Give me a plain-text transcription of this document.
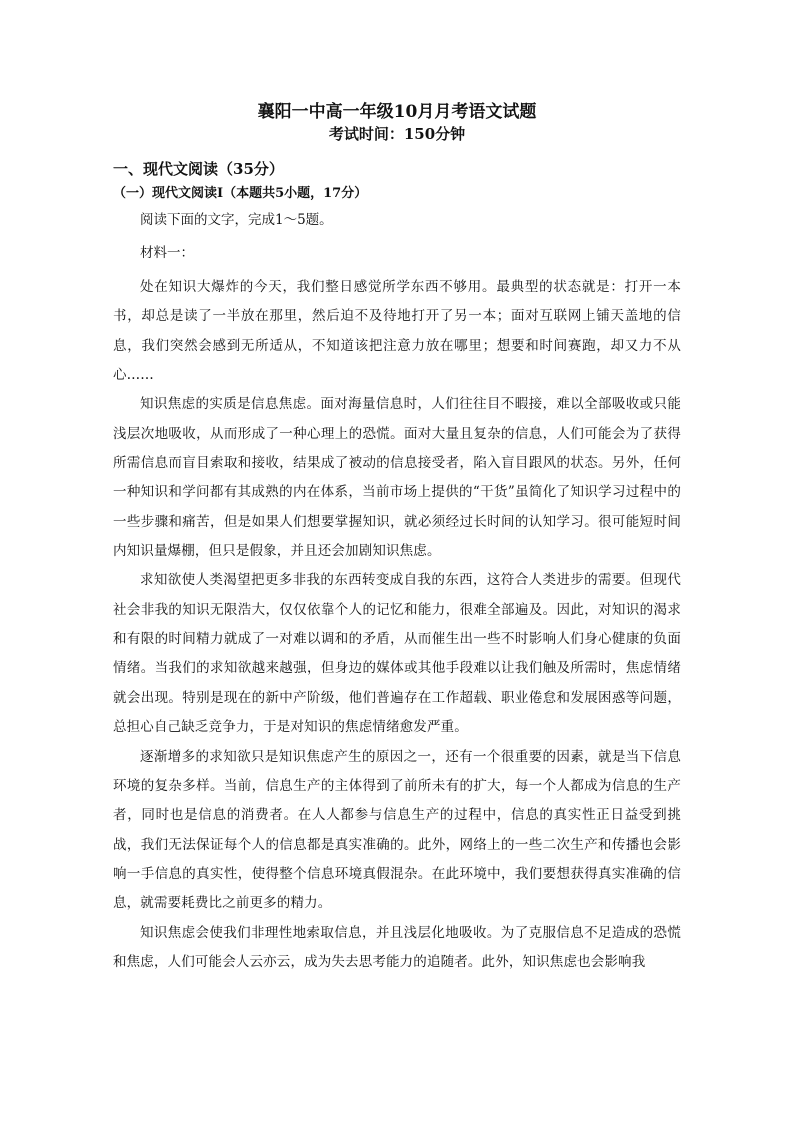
襄阳一中高一年级10月月考语文试题
考试时间：150分钟
一、现代文阅读（35分）
（一）现代文阅读Ⅰ（本题共5小题，17分）

阅读下面的文字，完成1～5题。

材料一：

处在知识大爆炸的今天，我们整日感觉所学东西不够用。最典型的状态就是：打开一本书，却总是读了一半放在那里，然后迫不及待地打开了另一本；面对互联网上铺天盖地的信息，我们突然会感到无所适从，不知道该把注意力放在哪里；想要和时间赛跑，却又力不从心……

知识焦虑的实质是信息焦虑。面对海量信息时，人们往往目不暇接，难以全部吸收或只能浅层次地吸收，从而形成了一种心理上的恐慌。面对大量且复杂的信息，人们可能会为了获得所需信息而盲目索取和接收，结果成了被动的信息接受者，陷入盲目跟风的状态。另外，任何一种知识和学问都有其成熟的内在体系，当前市场上提供的“干货”虽简化了知识学习过程中的一些步骤和痛苦，但是如果人们想要掌握知识，就必须经过长时间的认知学习。很可能短时间内知识量爆棚，但只是假象，并且还会加剧知识焦虑。

求知欲使人类渴望把更多非我的东西转变成自我的东西，这符合人类进步的需要。但现代社会非我的知识无限浩大，仅仅依靠个人的记忆和能力，很难全部遍及。因此，对知识的渴求和有限的时间精力就成了一对难以调和的矛盾，从而催生出一些不时影响人们身心健康的负面情绪。当我们的求知欲越来越强，但身边的媒体或其他手段难以让我们触及所需时，焦虑情绪就会出现。特别是现在的新中产阶级，他们普遍存在工作超载、职业倦怠和发展困惑等问题，总担心自己缺乏竞争力，于是对知识的焦虑情绪愈发严重。

逐渐增多的求知欲只是知识焦虑产生的原因之一，还有一个很重要的因素，就是当下信息环境的复杂多样。当前，信息生产的主体得到了前所未有的扩大，每一个人都成为信息的生产者，同时也是信息的消费者。在人人都参与信息生产的过程中，信息的真实性正日益受到挑战，我们无法保证每个人的信息都是真实准确的。此外，网络上的一些二次生产和传播也会影响一手信息的真实性，使得整个信息环境真假混杂。在此环境中，我们要想获得真实准确的信息，就需要耗费比之前更多的精力。

知识焦虑会使我们非理性地索取信息，并且浅层化地吸收。为了克服信息不足造成的恐慌和焦虑，人们可能会人云亦云，成为失去思考能力的追随者。此外，知识焦虑也会影响我
